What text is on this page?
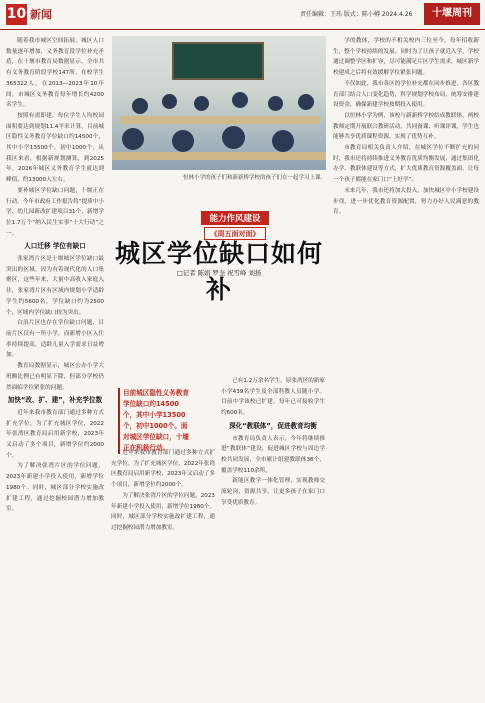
10 新闻	责任编辑：王玮 版式：陈小樽 2024.4.26	十堰周刊

随着我市城区空间拓展，城区人口数量逐年增加，义务教育段学位补充矛盾，在十堰市教育局数据显示，全市共有义务教育阶段学校147所，在校学生365322人，在2013—2023年10年间，市城区义务教育每年增长约4200名学生。

按照有需即建，每位学生人均校园面积要达到规划11.4平米计算，目前城区隐性义务教育学位缺口约14500个，其中小学13500个，初中1000个，从我区来看，根据新规划测算，到2025年，2026年城区义务教育学生就达到峰值，约13000人左右。

要补城区学位缺口问题，十堰正在行动。今年市政府工作报告将“提质中小学、幼儿园新改扩建项目31个，新增学位1.7万个”纳入民生实事“十大行动”之一。

人口迁移 学位有缺口

张家湾片区是十堰城区学位缺口最突出的区域。因为有着现代化的人口集聚区，这些年来，大量中高收入家庭入住，张家湾片区有区域内规划小学适龄学生约5600名，学位缺口约为2500个，区域内学位缺口较为突出。

白浪片区也存在学位缺口问题，目前片区仅有一所小学，而新增小区入住率持续提高，适龄儿童入学需求日益增加。

教育局数据显示，城区公办小学大班额比例已有明显下降，但部分学校仍然面临学位紧张的问题。

加快“改、扩、建”，补充学位数

近年来我市教育部门通过多种方式扩充学位。为了扩充城区学位，2022年张湾区教育局启用新学校，2023年又启动了多个项目，新增学位约2000个。

为了解决张湾片区的学位问题，2023年新建小学投入使用，新增学位1980个。同时，城区部分学校实施改扩建工程，通过挖掘校园潜力增加教室。

恒林小学的孩子们和新新桥学校的孩子们在一起学习上课。
能力作风建设
《周五面对面》
城区学位缺口如何补
□记者 陈娟 罗奎 祝雪峰 刘扬

近年来我市教育部门通过多种方式扩充学位。为了扩充城区学位，2022年张湾区教育局启用新学校，2023年又启动了多个项目，新增学位约2000个。

为了解决张湾片区的学位问题，2023年新建小学投入使用，新增学位1980个。同时，城区部分学校实施改扩建工程，通过挖掘校园潜力增加教室。

目前城区隐性义务教育学位缺口约14500个，其中小学13500个，初中1000个。面对城区学位缺口，十堰正在积极行动。

已有1.2万余名学生，原张湾区的新家小学439名学生及全部科教人员随小学。目前中学该校已扩建，每年已可接收学生约600名。

深化“教联体”，促进教育均衡

市教育局负责人表示，今年将继续推进“教联体”建设，促进城区学校与周边学校共同发展，全市累计组建教联体36个，覆盖学校110余所。

新能区教学一体化管理，实现教师交流轮岗，资源共享，让更多孩子在家门口享受优质教育。

学的教体，学校的不相关校内三位至今，每年招收新生，整个学校持续的发展。同时为了让孩子就近入学，学校通过调整学区和扩容，尽可能满足片区学生需求，城区新学校建成之后将有效缓解学位紧张问题。

不仅如此，我市各区的学位补充都在同步推进，各区教育部门结合人口变化趋势，科学规划学校布局，统筹安排建设资金，确保新建学校按期投入使用。

以恒林小学为例，该校与新新桥学校结成教联体，两校教师定期开展联合教研活动，共同备课、听课评课，学生也能够共享优质课程资源，实现了优势互补。

市教育局相关负责人介绍，在城区学位不断扩充的同时，我市还将持续推进义务教育优质均衡发展，通过集团化办学、教联体建设等方式，扩大优质教育资源覆盖面，让每一个孩子都能在家门口“上好学”。

未来几年，我市还将加大投入，加快城区中小学校建设步伐，进一步优化教育资源配置，努力办好人民满意的教育。
